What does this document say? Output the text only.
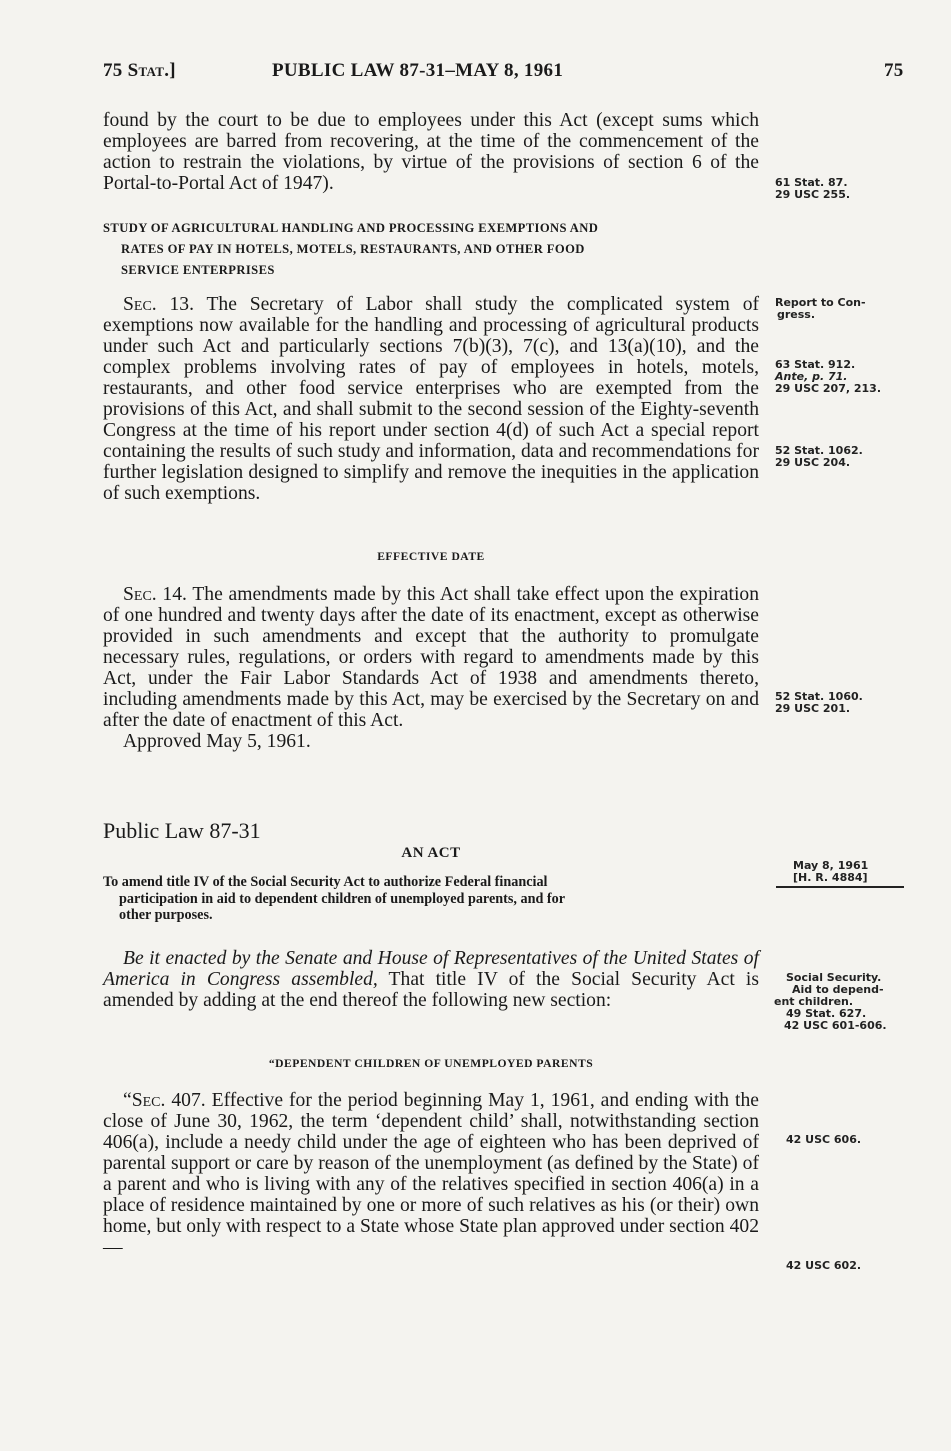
75 Stat.]	PUBLIC LAW 87-31–MAY 8, 1961	75

found by the court to be due to employees under this Act (except sums which employees are barred from recovering, at the time of the commencement of the action to restrain the violations, by virtue of the provisions of section 6 of the Portal-to-Portal Act of 1947).

STUDY OF AGRICULTURAL HANDLING AND PROCESSING EXEMPTIONS AND
RATES OF PAY IN HOTELS, MOTELS, RESTAURANTS, AND OTHER FOOD
SERVICE ENTERPRISES

Sec. 13. The Secretary of Labor shall study the complicated system of exemptions now available for the handling and processing of agricultural products under such Act and particularly sections 7(b)(3), 7(c), and 13(a)(10), and the complex problems involving rates of pay of employees in hotels, motels, restaurants, and other food service enterprises who are exempted from the provisions of this Act, and shall submit to the second session of the Eighty-seventh Congress at the time of his report under section 4(d) of such Act a special report containing the results of such study and information, data and recommendations for further legislation designed to simplify and remove the inequities in the application of such exemptions.

EFFECTIVE DATE

Sec. 14. The amendments made by this Act shall take effect upon the expiration of one hundred and twenty days after the date of its enactment, except as otherwise provided in such amendments and except that the authority to promulgate necessary rules, regulations, or orders with regard to amendments made by this Act, under the Fair Labor Standards Act of 1938 and amendments thereto, including amendments made by this Act, may be exercised by the Secretary on and after the date of enactment of this Act.

Approved May 5, 1961.

Public Law 87-31
AN ACT
To amend title IV of the Social Security Act to authorize Federal financial
participation in aid to dependent children of unemployed parents, and for
other purposes.

Be it enacted by the Senate and House of Representatives of the United States of America in Congress assembled, That title IV of the Social Security Act is amended by adding at the end thereof the following new section:

“DEPENDENT CHILDREN OF UNEMPLOYED PARENTS

“Sec. 407. Effective for the period beginning May 1, 1961, and ending with the close of June 30, 1962, the term ‘dependent child’ shall, notwithstanding section 406(a), include a needy child under the age of eighteen who has been deprived of parental support or care by reason of the unemployment (as defined by the State) of a parent and who is living with any of the relatives specified in section 406(a) in a place of residence maintained by one or more of such relatives as his (or their) own home, but only with respect to a State whose State plan approved under section 402—

61 Stat. 87.
29 USC 255.
Report to Con-
gress.
63 Stat. 912.
Ante, p. 71.
29 USC 207, 213.
52 Stat. 1062.
29 USC 204.
52 Stat. 1060.
29 USC 201.
May 8, 1961
[H. R. 4884]
Social Security.
Aid to depend-
ent children.
49 Stat. 627.
42 USC 601-606.
42 USC 606.
42 USC 602.
